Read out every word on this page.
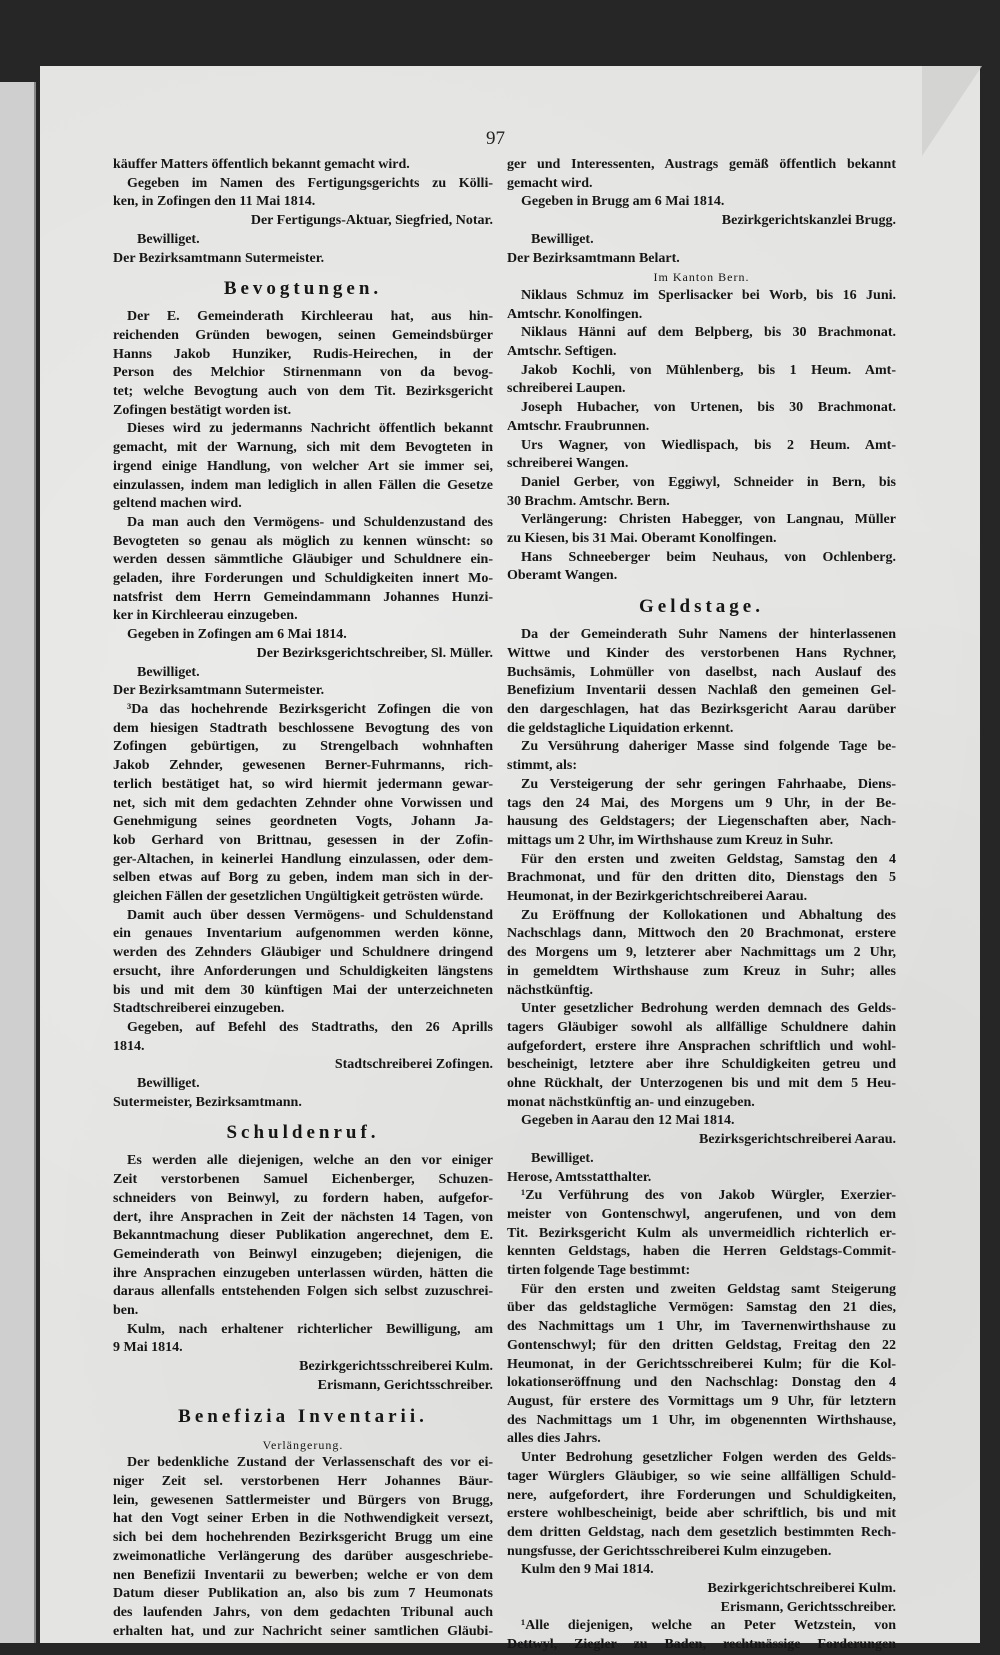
97
käuffer Matters öffentlich bekannt gemacht wird.
Gegeben im Namen des Fertigungsgerichts zu Kölli-
ken, in Zofingen den 11 Mai 1814.
Der Fertigungs-Aktuar, Siegfried, Notar.
Bewilliget.
Der Bezirksamtmann Sutermeister.
Bevogtungen.
Der E. Gemeinderath Kirchleerau hat, aus hin-
reichenden Gründen bewogen, seinen Gemeindsbürger
Hanns Jakob Hunziker, Rudis-Heirechen, in der
Person des Melchior Stirnenmann von da bevog-
tet; welche Bevogtung auch von dem Tit. Bezirksgericht
Zofingen bestätigt worden ist.
Dieses wird zu jedermanns Nachricht öffentlich bekannt
gemacht, mit der Warnung, sich mit dem Bevogteten in
irgend einige Handlung, von welcher Art sie immer sei,
einzulassen, indem man lediglich in allen Fällen die Gesetze
geltend machen wird.
Da man auch den Vermögens- und Schuldenzustand des
Bevogteten so genau als möglich zu kennen wünscht: so
werden dessen sämmtliche Gläubiger und Schuldnere ein-
geladen, ihre Forderungen und Schuldigkeiten innert Mo-
natsfrist dem Herrn Gemeindammann Johannes Hunzi-
ker in Kirchleerau einzugeben.
Gegeben in Zofingen am 6 Mai 1814.
Der Bezirksgerichtschreiber, Sl. Müller.
Bewilliget.
Der Bezirksamtmann Sutermeister.
³Da das hochehrende Bezirksgericht Zofingen die von
dem hiesigen Stadtrath beschlossene Bevogtung des von
Zofingen gebürtigen, zu Strengelbach wohnhaften
Jakob Zehnder, gewesenen Berner-Fuhrmanns, rich-
terlich bestätiget hat, so wird hiermit jedermann gewar-
net, sich mit dem gedachten Zehnder ohne Vorwissen und
Genehmigung seines geordneten Vogts, Johann Ja-
kob Gerhard von Brittnau, gesessen in der Zofin-
ger-Altachen, in keinerlei Handlung einzulassen, oder dem-
selben etwas auf Borg zu geben, indem man sich in der-
gleichen Fällen der gesetzlichen Ungültigkeit getrösten würde.
Damit auch über dessen Vermögens- und Schuldenstand
ein genaues Inventarium aufgenommen werden könne,
werden des Zehnders Gläubiger und Schuldnere dringend
ersucht, ihre Anforderungen und Schuldigkeiten längstens
bis und mit dem 30 künftigen Mai der unterzeichneten
Stadtschreiberei einzugeben.
Gegeben, auf Befehl des Stadtraths, den 26 Aprills
1814.
Stadtschreiberei Zofingen.
Bewilliget.
Sutermeister, Bezirksamtmann.
Schuldenruf.
Es werden alle diejenigen, welche an den vor einiger
Zeit verstorbenen Samuel Eichenberger, Schuzen-
schneiders von Beinwyl, zu fordern haben, aufgefor-
dert, ihre Ansprachen in Zeit der nächsten 14 Tagen, von
Bekanntmachung dieser Publikation angerechnet, dem E.
Gemeinderath von Beinwyl einzugeben; diejenigen, die
ihre Ansprachen einzugeben unterlassen würden, hätten die
daraus allenfalls entstehenden Folgen sich selbst zuzuschrei-
ben.
Kulm, nach erhaltener richterlicher Bewilligung, am
9 Mai 1814.
Bezirkgerichtsschreiberei Kulm.
Erismann, Gerichtsschreiber.
Benefizia Inventarii.
Verlängerung.
Der bedenkliche Zustand der Verlassenschaft des vor ei-
niger Zeit sel. verstorbenen Herr Johannes Bäur-
lein, gewesenen Sattlermeister und Bürgers von Brugg,
hat den Vogt seiner Erben in die Nothwendigkeit versezt,
sich bei dem hochehrenden Bezirksgericht Brugg um eine
zweimonatliche Verlängerung des darüber ausgeschriebe-
nen Benefizii Inventarii zu bewerben; welche er von dem
Datum dieser Publikation an, also bis zum 7 Heumonats
des laufenden Jahrs, von dem gedachten Tribunal auch
erhalten hat, und zur Nachricht seiner samtlichen Gläubi-
ger und Interessenten, Austrags gemäß öffentlich bekannt
gemacht wird.
Gegeben in Brugg am 6 Mai 1814.
Bezirkgerichtskanzlei Brugg.
Bewilliget.
Der Bezirksamtmann Belart.
Im Kanton Bern.
Niklaus Schmuz im Sperlisacker bei Worb, bis 16 Juni.
Amtschr. Konolfingen.
Niklaus Hänni auf dem Belpberg, bis 30 Brachmonat.
Amtschr. Seftigen.
Jakob Kochli, von Mühlenberg, bis 1 Heum. Amt-
schreiberei Laupen.
Joseph Hubacher, von Urtenen, bis 30 Brachmonat.
Amtschr. Fraubrunnen.
Urs Wagner, von Wiedlispach, bis 2 Heum. Amt-
schreiberei Wangen.
Daniel Gerber, von Eggiwyl, Schneider in Bern, bis
30 Brachm. Amtschr. Bern.
Verlängerung: Christen Habegger, von Langnau, Müller
zu Kiesen, bis 31 Mai. Oberamt Konolfingen.
Hans Schneeberger beim Neuhaus, von Ochlenberg.
Oberamt Wangen.
Geldstage.
Da der Gemeinderath Suhr Namens der hinterlassenen
Wittwe und Kinder des verstorbenen Hans Rychner,
Buchsämis, Lohmüller von daselbst, nach Auslauf des
Benefizium Inventarii dessen Nachlaß den gemeinen Gel-
den dargeschlagen, hat das Bezirksgericht Aarau darüber
die geldstagliche Liquidation erkennt.
Zu Versührung daheriger Masse sind folgende Tage be-
stimmt, als:
Zu Versteigerung der sehr geringen Fahrhaabe, Diens-
tags den 24 Mai, des Morgens um 9 Uhr, in der Be-
hausung des Geldstagers; der Liegenschaften aber, Nach-
mittags um 2 Uhr, im Wirthshause zum Kreuz in Suhr.
Für den ersten und zweiten Geldstag, Samstag den 4
Brachmonat, und für den dritten dito, Dienstags den 5
Heumonat, in der Bezirkgerichtschreiberei Aarau.
Zu Eröffnung der Kollokationen und Abhaltung des
Nachschlags dann, Mittwoch den 20 Brachmonat, erstere
des Morgens um 9, letzterer aber Nachmittags um 2 Uhr,
in gemeldtem Wirthshause zum Kreuz in Suhr; alles
nächstkünftig.
Unter gesetzlicher Bedrohung werden demnach des Gelds-
tagers Gläubiger sowohl als allfällige Schuldnere dahin
aufgefordert, erstere ihre Ansprachen schriftlich und wohl-
bescheinigt, letztere aber ihre Schuldigkeiten getreu und
ohne Rückhalt, der Unterzogenen bis und mit dem 5 Heu-
monat nächstkünftig an- und einzugeben.
Gegeben in Aarau den 12 Mai 1814.
Bezirksgerichtschreiberei Aarau.
Bewilliget.
Herose, Amtsstatthalter.
¹Zu Verführung des von Jakob Würgler, Exerzier-
meister von Gontenschwyl, angerufenen, und von dem
Tit. Bezirksgericht Kulm als unvermeidlich richterlich er-
kennten Geldstags, haben die Herren Geldstags-Commit-
tirten folgende Tage bestimmt:
Für den ersten und zweiten Geldstag samt Steigerung
über das geldstagliche Vermögen: Samstag den 21 dies,
des Nachmittags um 1 Uhr, im Tavernenwirthshause zu
Gontenschwyl; für den dritten Geldstag, Freitag den 22
Heumonat, in der Gerichtsschreiberei Kulm; für die Kol-
lokationseröffnung und den Nachschlag: Donstag den 4
August, für erstere des Vormittags um 9 Uhr, für letztern
des Nachmittags um 1 Uhr, im obgenennten Wirthshause,
alles dies Jahrs.
Unter Bedrohung gesetzlicher Folgen werden des Gelds-
tager Würglers Gläubiger, so wie seine allfälligen Schuld-
nere, aufgefordert, ihre Forderungen und Schuldigkeiten,
erstere wohlbescheinigt, beide aber schriftlich, bis und mit
dem dritten Geldstag, nach dem gesetzlich bestimmten Rech-
nungsfusse, der Gerichtsschreiberei Kulm einzugeben.
Kulm den 9 Mai 1814.
Bezirkgerichtschreiberei Kulm.
Erismann, Gerichtsschreiber.
¹Alle diejenigen, welche an Peter Wetzstein, von
Dettwyl, Ziegler zu Baden, rechtmässige Forderungen
